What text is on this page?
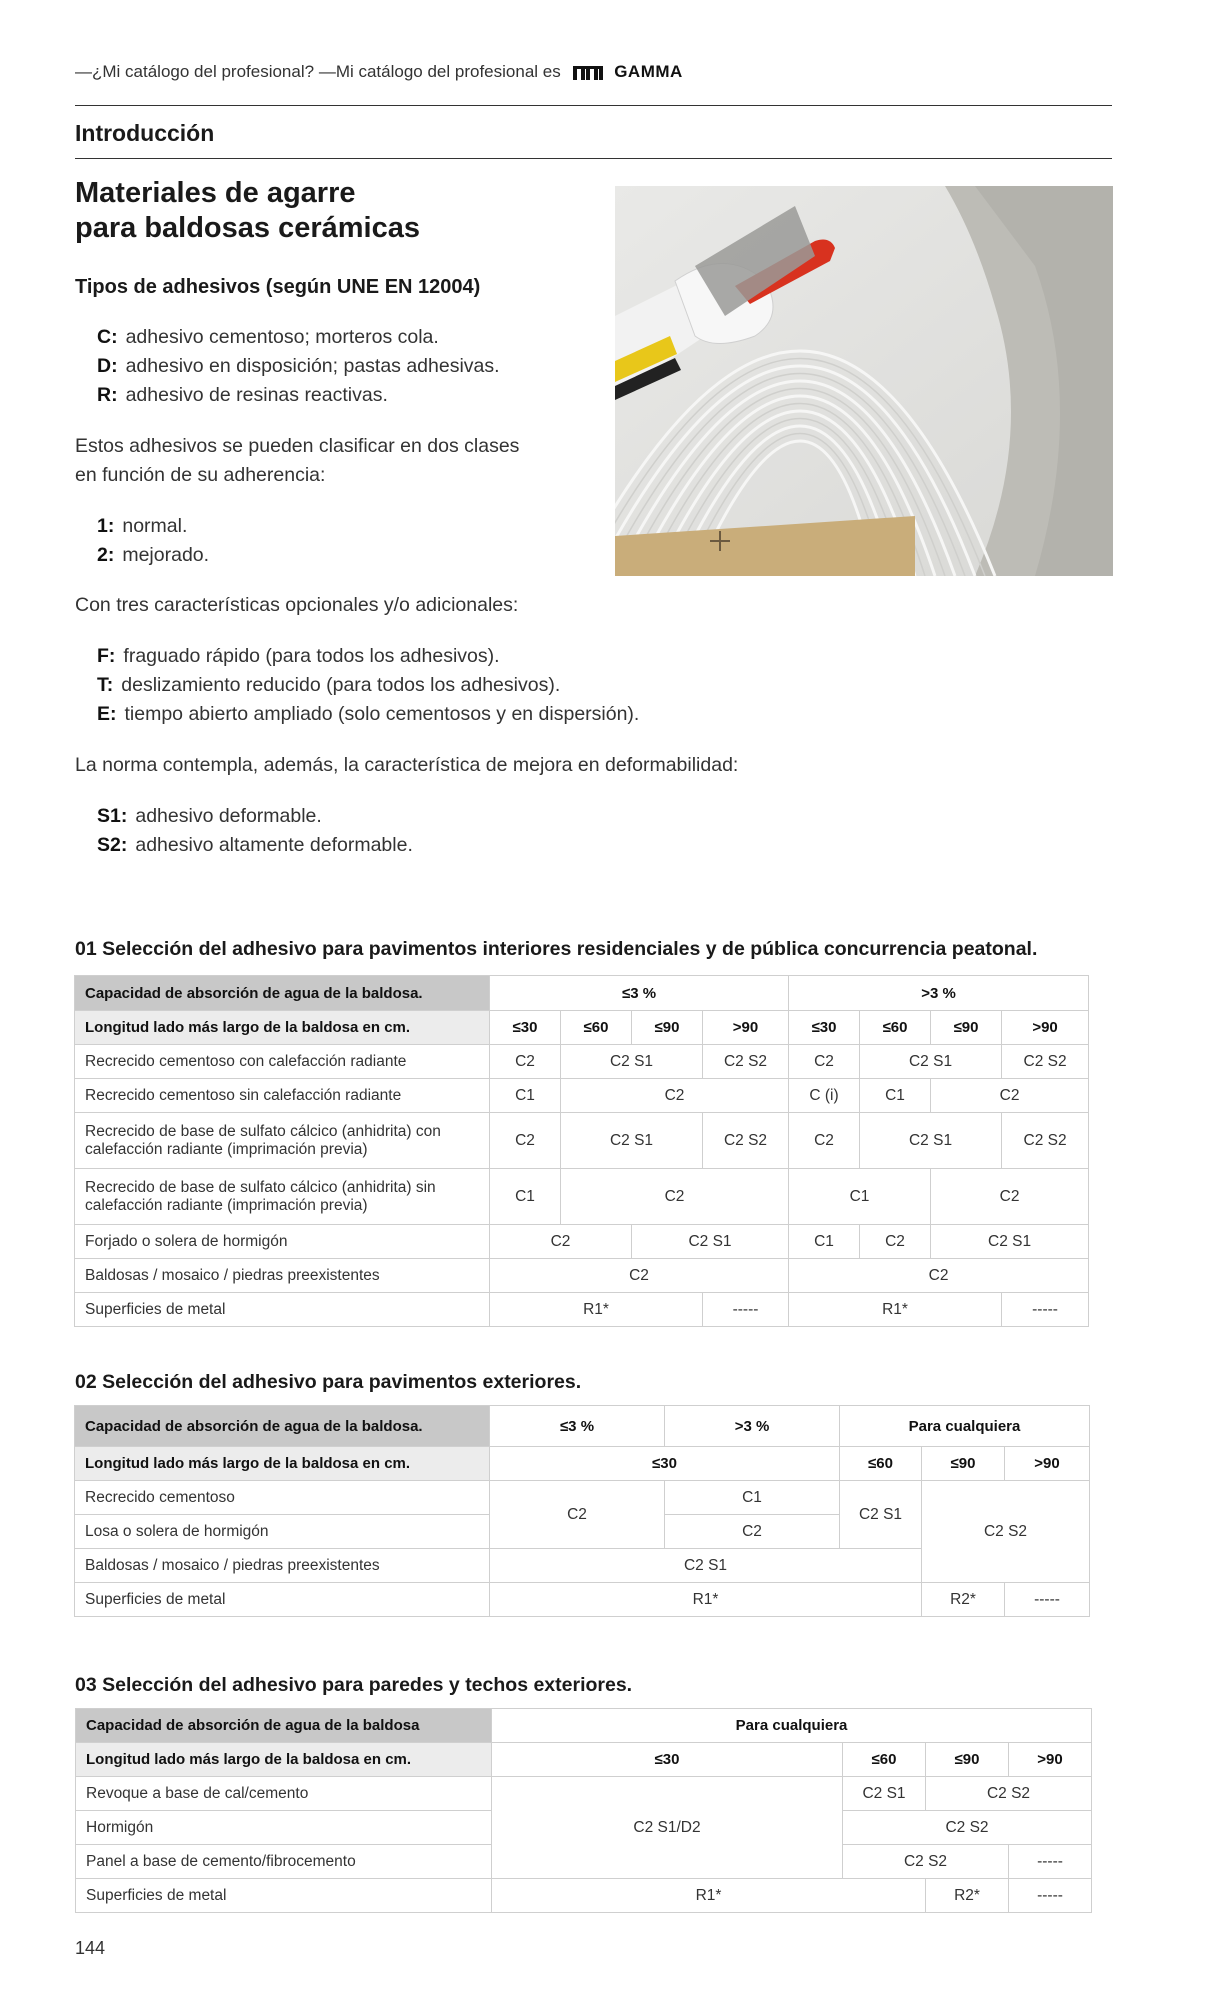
—¿Mi catálogo del profesional? —Mi catálogo del profesional es	GAMMA
Introducción
Materiales de agarre
para baldosas cerámicas
Tipos de adhesivos (según UNE EN 12004)
C: adhesivo cementoso; morteros cola.
D: adhesivo en disposición; pastas adhesivas.
R: adhesivo de resinas reactivas.
Estos adhesivos se pueden clasificar en dos clases
en función de su adherencia:
1: normal.
2: mejorado.
Con tres características opcionales y/o adicionales:
F: fraguado rápido (para todos los adhesivos).
T: deslizamiento reducido (para todos los adhesivos).
E: tiempo abierto ampliado (solo cementosos y en dispersión).
La norma contempla, además, la característica de mejora en deformabilidad:
S1: adhesivo deformable.
S2: adhesivo altamente deformable.
01 Selección del adhesivo para pavimentos interiores residenciales y de pública concurrencia peatonal.
Capacidad de absorción de agua de la baldosa.	≤3 %				>3 %			
Longitud lado más largo de la baldosa en cm.	≤30	≤60	≤90	>90	≤30	≤60	≤90	>90
Recrecido cementoso con calefacción radiante	C2	C2 S1		C2 S2	C2	C2 S1		C2 S2
Recrecido cementoso sin calefacción radiante	C1	C2			C (i)	C1	C2	

Recrecido de base de sulfato cálcico (anhidrita) con
calefacción radiante (imprimación previa)	C2	C2 S1		C2 S2	C2	C2 S1		C2 S2

Recrecido de base de sulfato cálcico (anhidrita) sin
calefacción radiante (imprimación previa)	C1	C2			C1		C2	
Forjado o solera de hormigón	C2		C2 S1		C1	C2	C2 S1	
Baldosas / mosaico / piedras preexistentes	C2				C2			
Superficies de metal	R1*			-----	R1*			-----
02 Selección del adhesivo para pavimentos exteriores.
Capacidad de absorción de agua de la baldosa.	≤3 %	>3 %	Para cualquiera		
Longitud lado más largo de la baldosa en cm.	≤30		≤60	≤90	>90
Recrecido cementoso	C2	C1	C2 S1	C2 S2	
Losa o solera de hormigón		C2			
Baldosas / mosaico / piedras preexistentes	C2 S1				
Superficies de metal	R1*			R2*	-----
03 Selección del adhesivo para paredes y techos exteriores.
Capacidad de absorción de agua de la baldosa	Para cualquiera			
Longitud lado más largo de la baldosa en cm.	≤30	≤60	≤90	>90
Revoque a base de cal/cemento	C2 S1/D2	C2 S1	C2 S2	
Hormigón		C2 S2		
Panel a base de cemento/fibrocemento		C2 S2		-----
Superficies de metal	R1*		R2*	-----
144
